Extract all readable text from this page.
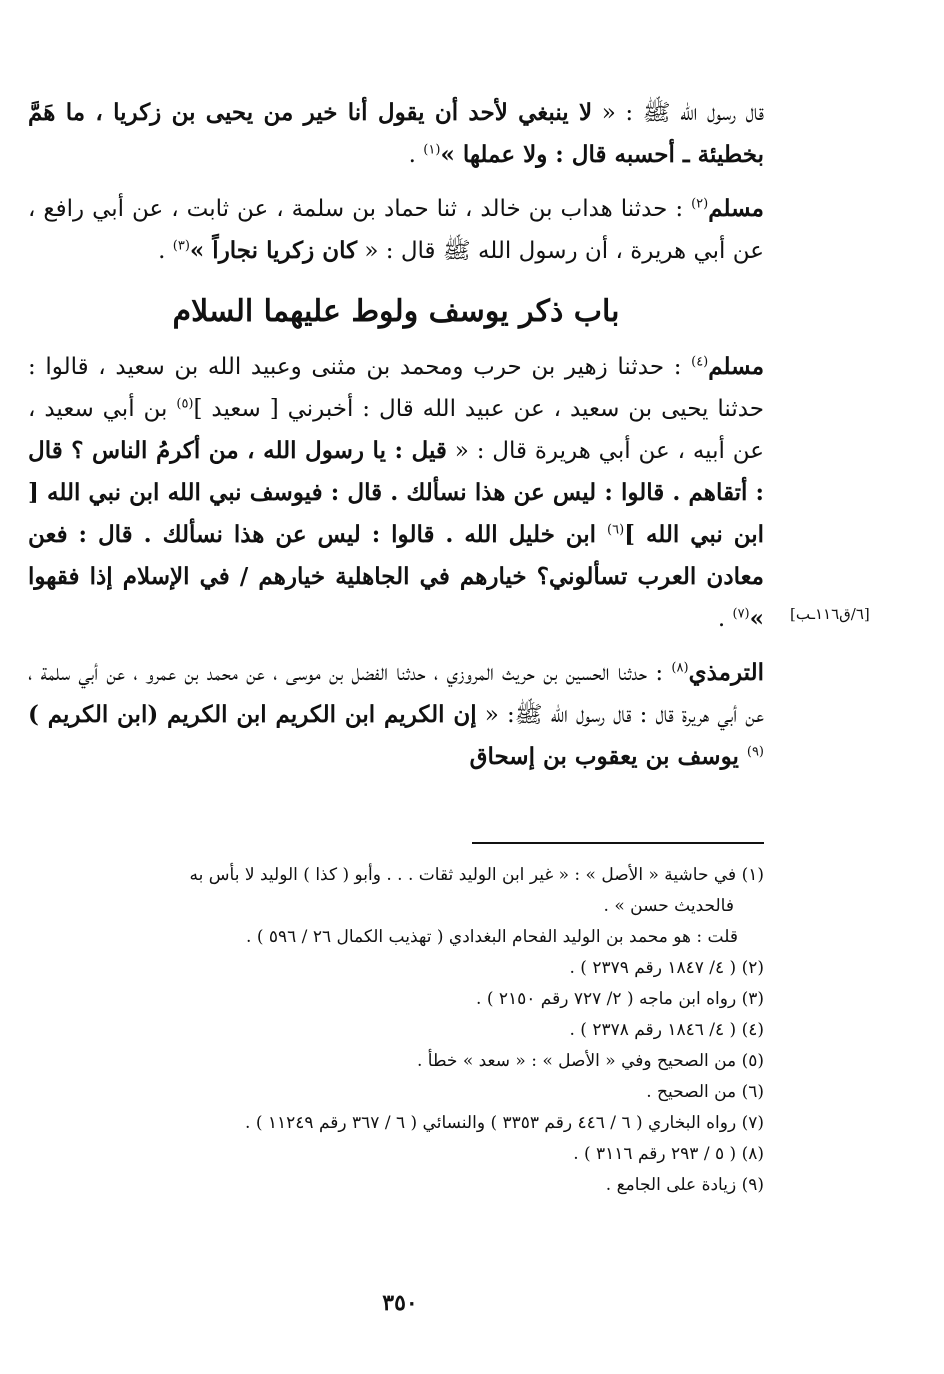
قال رسول الله ﷺ : « لا ينبغي لأحد أن يقول أنا خير من يحيى بن زكريا ، ما هَمَّ بخطيئة ـ أحسبه قال : ولا عملها »$^{(١)}$ .

مسلم$^{(٢)}$ : حدثنا هداب بن خالد ، ثنا حماد بن سلمة ، عن ثابت ، عن أبي رافع ، عن أبي هريرة ، أن رسول الله ﷺ قال : « كان زكريا نجاراً »$^{(٣)}$ .

باب ذكر يوسف ولوط عليهما السلام

مسلم$^{(٤)}$ : حدثنا زهير بن حرب ومحمد بن مثنى وعبيد الله بن سعيد ، قالوا : حدثنا يحيى بن سعيد ، عن عبيد الله قال : أخبرني [ سعيد ]$^{(٥)}$ بن أبي سعيد ، عن أبيه ، عن أبي هريرة قال : « قيل : يا رسول الله ، من أكرمُ الناس ؟ قال : أتقاهم . قالوا : ليس عن هذا نسألك . قال : فيوسف نبي الله ابن نبي الله [ ابن نبي الله ]$^{(٦)}$ ابن خليل الله . قالوا : ليس عن هذا نسألك . قال : فعن معادن العرب تسألوني؟ خيارهم في الجاهلية خيارهم / في الإسلام إذا فقهوا »$^{(٧)}$ .

الترمذي$^{(٨)}$ : حدثنا الحسين بن حريث المروزي ، حدثنا الفضل بن موسى ، عن محمد بن عمرو ، عن أبي سلمة ، عن أبي هريرة قال : قال رسول الله ﷺ: « إن الكريم ابن الكريم ابن الكريم (ابن الكريم )$^{(٩)}$ يوسف بن يعقوب بن إسحاق

[٦/ق١١٦ـب]

(١) في حاشية « الأصل » : « غير ابن الوليد ثقات . . . وأبو ( كذا ) الوليد لا بأس به
فالحديث حسن » .

قلت : هو محمد بن الوليد الفحام البغدادي ( تهذيب الكمال ٢٦ / ٥٩٦ ) .

(٢) ( ٤/ ١٨٤٧ رقم ٢٣٧٩ ) .

(٣) رواه ابن ماجه ( ٢/ ٧٢٧ رقم ٢١٥٠ ) .

(٤) ( ٤/ ١٨٤٦ رقم ٢٣٧٨ ) .

(٥) من الصحيح وفي « الأصل » : « سعد » خطأ .

(٦) من الصحيح .

(٧) رواه البخاري ( ٦ / ٤٤٦ رقم ٣٣٥٣ ) والنسائي ( ٦ / ٣٦٧ رقم ١١٢٤٩ ) .

(٨) ( ٥ / ٢٩٣ رقم ٣١١٦ ) .

(٩) زيادة على الجامع .

٣٥٠
